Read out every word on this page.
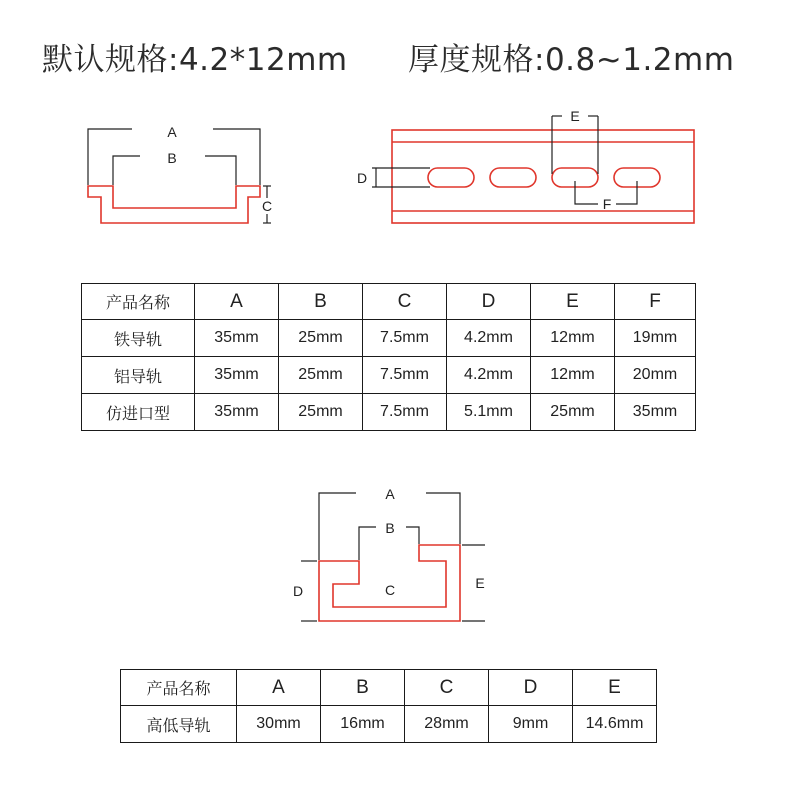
默认规格:4.2*12mm 厚度规格:0.8~1.2mm
A
B
C
D
E
F
A
B
C
D	E
产品名称	A	B	C	D	E	F
铁导轨	35mm	25mm	7.5mm	4.2mm	12mm	19mm
铝导轨	35mm	25mm	7.5mm	4.2mm	12mm	20mm
仿进口型	35mm	25mm	7.5mm	5.1mm	25mm	35mm
产品名称	A	B	C	D	E
高低导轨	30mm	16mm	28mm	9mm	14.6mm
